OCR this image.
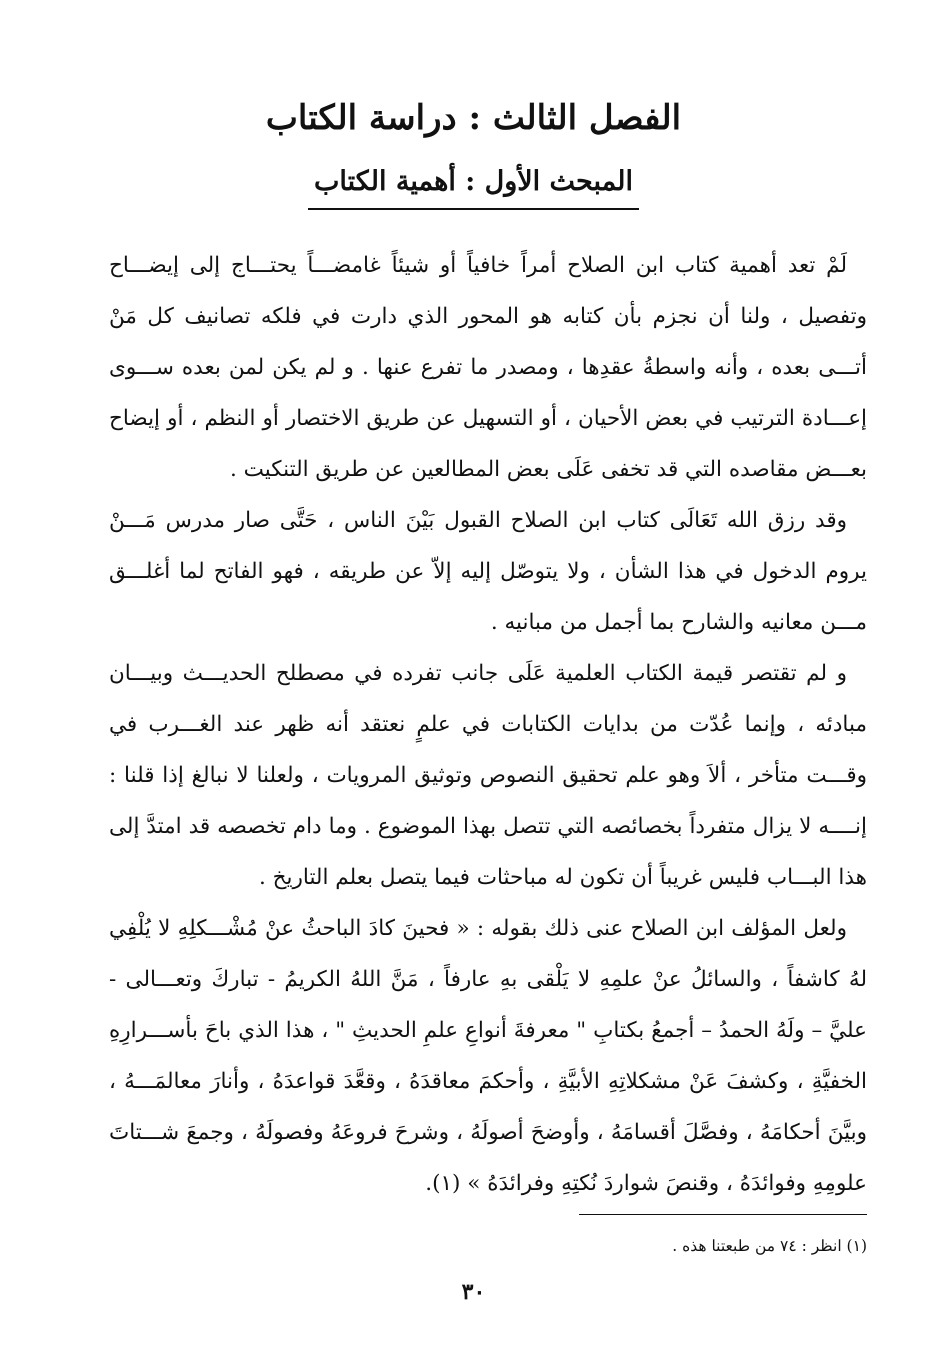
الفصل الثالث : دراسة الكتاب
المبحث الأول : أهمية الكتاب

لَمْ تعد أهمية كتاب ابن الصلاح أمراً خافياً أو شيئاً غامضـــاً يحتـــاج إلى إيضـــاح وتفصيل ، ولنا أن نجزم بأن كتابه هو المحور الذي دارت في فلكه تصانيف كل مَنْ أتـــى بعده ، وأنه واسطةُ عقدِها ، ومصدر ما تفرع عنها . و لم يكن لمن بعده ســـوى إعـــادة الترتيب في بعض الأحيان ، أو التسهيل عن طريق الاختصار أو النظم ، أو إيضاح بعـــض مقاصده التي قد تخفى عَلَى بعض المطالعين عن طريق التنكيت .

وقد رزق الله تَعَالَى كتاب ابن الصلاح القبول بَيْنَ الناس ، حَتَّى صار مدرس مَـــنْ يروم الدخول في هذا الشأن ، ولا يتوصّل إليه إلاّ عن طريقه ، فهو الفاتح لما أغلـــق مـــن معانيه والشارح بما أجمل من مبانيه .

و لم تقتصر قيمة الكتاب العلمية عَلَى جانب تفرده في مصطلح الحديـــث وبيـــان مبادئه ، وإنما عُدّت من بدايات الكتابات في علمٍ نعتقد أنه ظهر عند الغـــرب في وقـــت متأخر ، ألاَ وهو علم تحقيق النصوص وتوثيق المرويات ، ولعلنا لا نبالغ إذا قلنا : إنــــه لا يزال متفرداً بخصائصه التي تتصل بهذا الموضوع . وما دام تخصصه قد امتدَّ إلى هذا البـــاب فليس غريباً أن تكون له مباحثات فيما يتصل بعلم التاريخ .

ولعل المؤلف ابن الصلاح عنى ذلك بقوله : « فحينَ كادَ الباحثُ عنْ مُشْـــكلِهِ لا يُلْفِي لهُ كاشفاً ، والسائلُ عنْ علمِهِ لا يَلْقى بهِ عارفاً ، مَنَّ اللهُ الكريمُ - تباركَ وتعـــالى - عليَّ – ولَهُ الحمدُ – أجمعُ بكتابِ " معرفةَ أنواعِ علمِ الحديثِ " ، هذا الذي باحَ بأســـرارِهِ الخفيَّةِ ، وكشفَ عَنْ مشكلاتِهِ الأبيَّةِ ، وأحكمَ معاقدَهُ ، وقعَّدَ قواعدَهُ ، وأنارَ معالمَـــهُ ، وبيَّنَ أحكامَهُ ، وفصَّلَ أقسامَهُ ، وأوضحَ أصولَهُ ، وشرحَ فروعَهُ وفصولَهُ ، وجمعَ شـــتاتَ علومِهِ وفوائدَهُ ، وقنصَ شواردَ نُكتِهِ وفرائدَهُ » (١).

(١) انظر : ٧٤ من طبعتنا هذه .

٣٠
